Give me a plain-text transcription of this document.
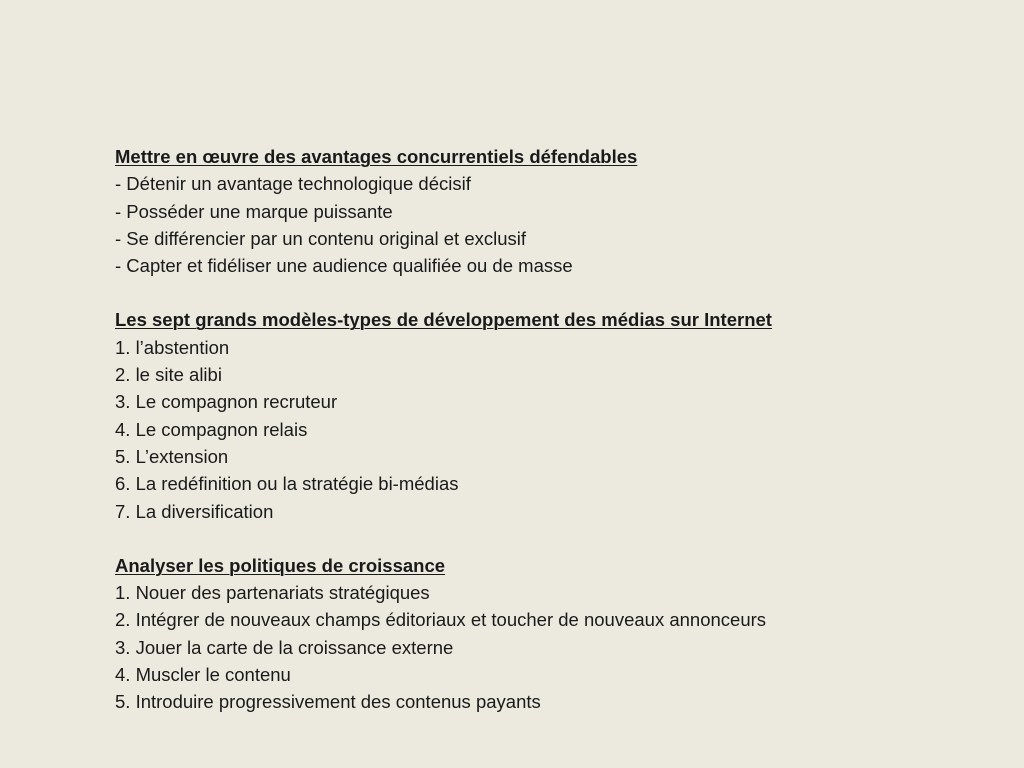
Mettre en œuvre des avantages concurrentiels défendables
- Détenir un avantage technologique décisif
- Posséder une marque puissante
- Se différencier par un contenu original et exclusif
- Capter et fidéliser une audience qualifiée ou de masse
Les sept grands modèles-types de développement des médias sur Internet
1. l’abstention
2. le site alibi
3. Le compagnon recruteur
4. Le compagnon relais
5. L’extension
6. La redéfinition ou la stratégie bi-médias
7. La diversification
Analyser les politiques de croissance
1. Nouer des partenariats stratégiques
2. Intégrer de nouveaux champs éditoriaux et toucher de nouveaux annonceurs
3. Jouer la carte de la croissance externe
4. Muscler le contenu
5. Introduire progressivement des contenus payants
